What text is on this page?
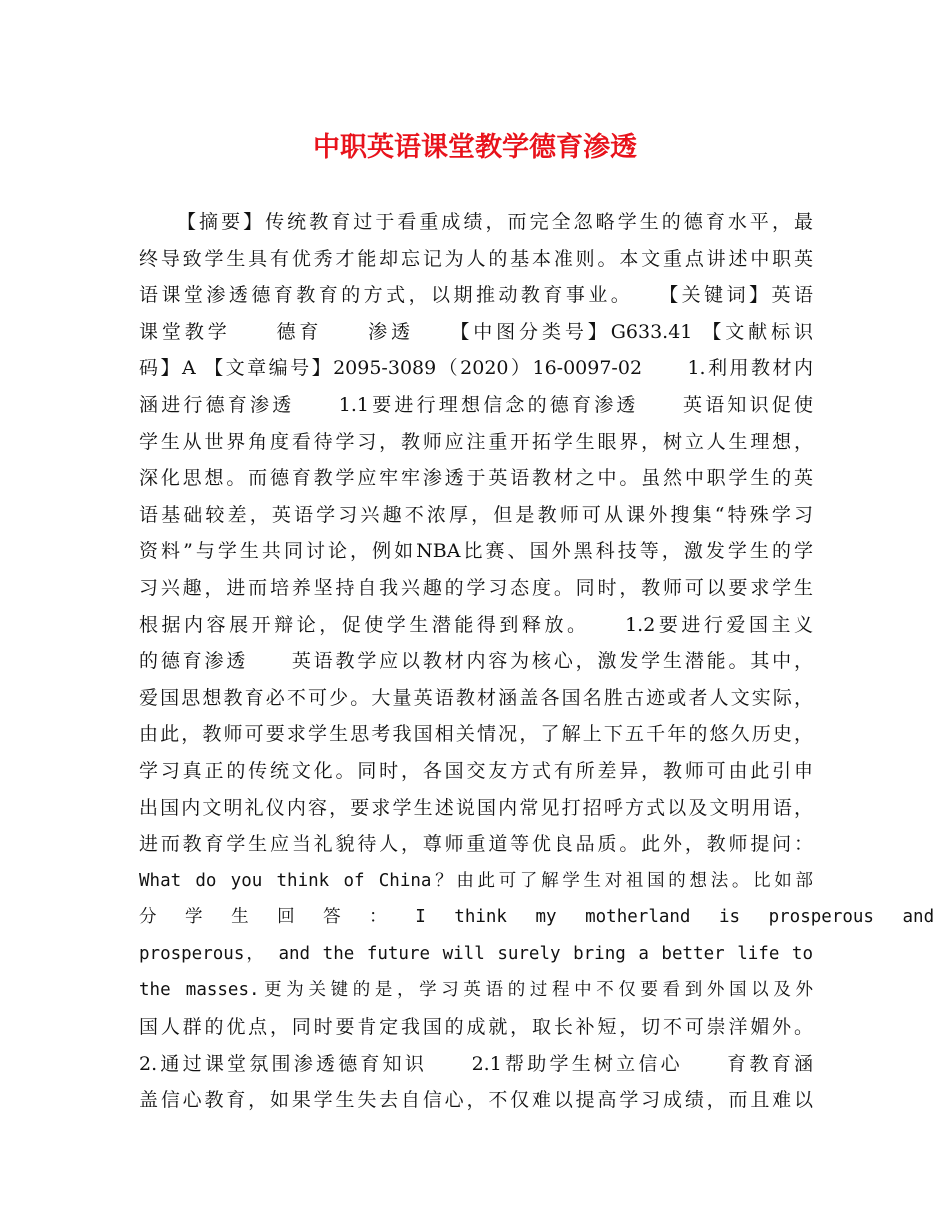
中职英语课堂教学德育渗透
【摘要】传统教育过于看重成绩，而完全忽略学生的德育水平，最
终导致学生具有优秀才能却忘记为人的基本准则。本文重点讲述中职英
语课堂渗透德育教育的方式，以期推动教育事业。　　【关键词】英语
课堂教学　　德育　　渗透　　【中图分类号】G633.41 【文献标识
码】A 【文章编号】2095-3089（2020）16-0097-02　　1.利用教材内
涵进行德育渗透　　1.1要进行理想信念的德育渗透　　英语知识促使
学生从世界角度看待学习，教师应注重开拓学生眼界，树立人生理想，
深化思想。而德育教学应牢牢渗透于英语教材之中。虽然中职学生的英
语基础较差，英语学习兴趣不浓厚，但是教师可从课外搜集“特殊学习
资料”与学生共同讨论，例如NBA比赛、国外黑科技等，激发学生的学
习兴趣，进而培养坚持自我兴趣的学习态度。同时，教师可以要求学生
根据内容展开辩论，促使学生潜能得到释放。　　1.2要进行爱国主义
的德育渗透　　英语教学应以教材内容为核心，激发学生潜能。其中，
爱国思想教育必不可少。大量英语教材涵盖各国名胜古迹或者人文实际，
由此，教师可要求学生思考我国相关情况，了解上下五千年的悠久历史，
学习真正的传统文化。同时，各国交友方式有所差异，教师可由此引申
出国内文明礼仪内容，要求学生述说国内常见打招呼方式以及文明用语，
进而教育学生应当礼貌待人，尊师重道等优良品质。此外，教师提问：
What do you think of China？由此可了解学生对祖国的想法。比如部
分 学 生 回 答 ： I think my motherland is prosperous and
prosperous， and the future will surely bring a better life to
the masses.更为关键的是，学习英语的过程中不仅要看到外国以及外
国人群的优点，同时要肯定我国的成就，取长补短，切不可崇洋媚外。
2.通过课堂氛围渗透德育知识　　2.1帮助学生树立信心　　育教育涵
盖信心教育，如果学生失去自信心，不仅难以提高学习成绩，而且难以
